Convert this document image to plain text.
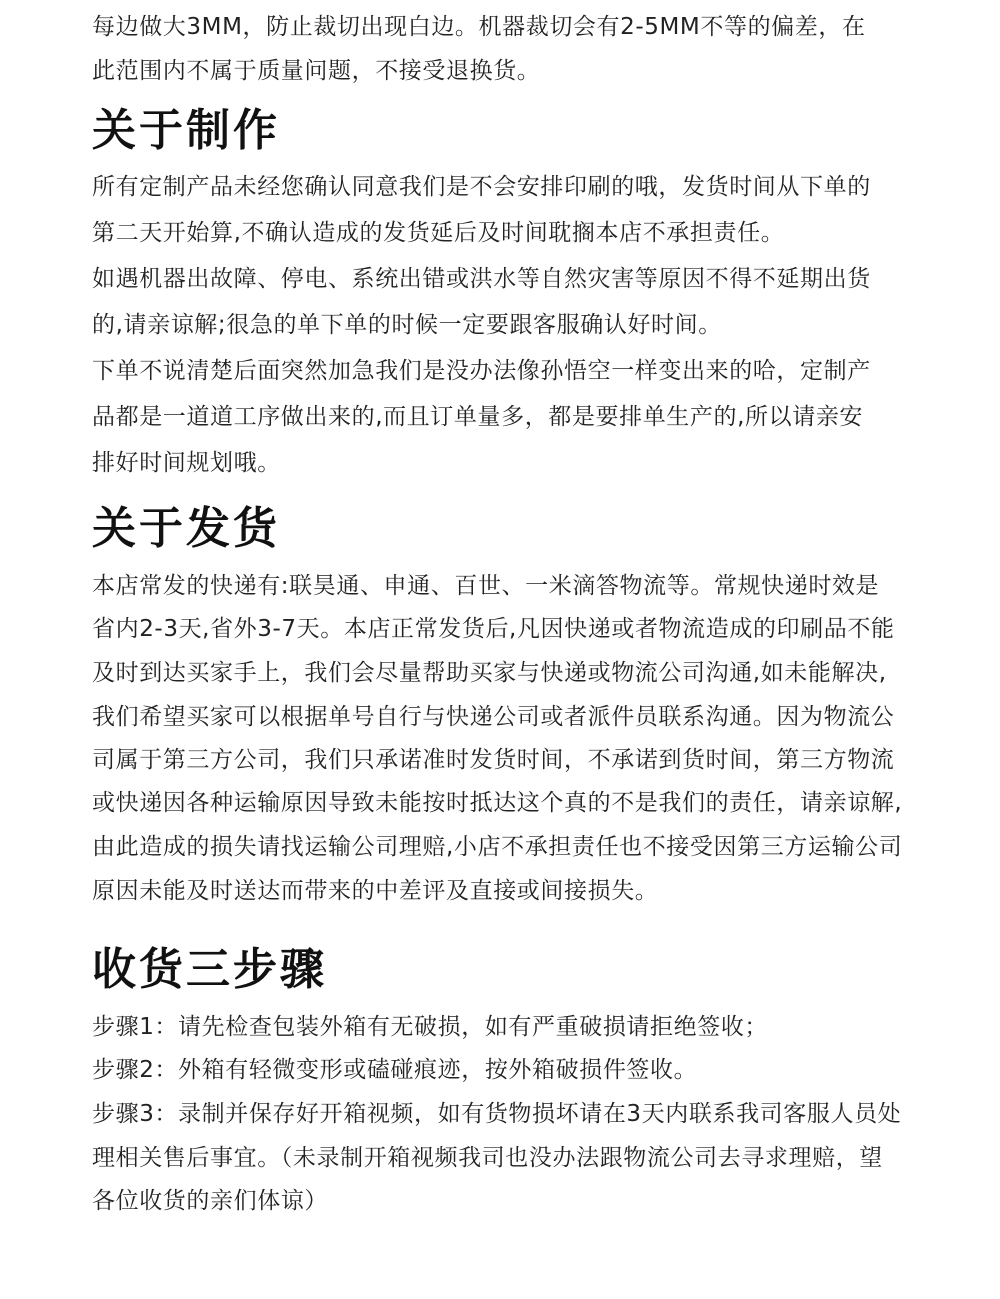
每边做大3MM，防止裁切出现白边。机器裁切会有2-5MM不等的偏差，在

此范围内不属于质量问题，不接受退换货。

关于制作

所有定制产品未经您确认同意我们是不会安排印刷的哦，发货时间从下单的

第二天开始算,不确认造成的发货延后及时间耽搁本店不承担责任。

如遇机器出故障、停电、系统出错或洪水等自然灾害等原因不得不延期出货

的,请亲谅解;很急的单下单的时候一定要跟客服确认好时间。

下单不说清楚后面突然加急我们是没办法像孙悟空一样变出来的哈，定制产

品都是一道道工序做出来的,而且订单量多，都是要排单生产的,所以请亲安

排好时间规划哦。

关于发货

本店常发的快递有:联昊通、申通、百世、一米滴答物流等。常规快递时效是

省内2-3天,省外3-7天。本店正常发货后,凡因快递或者物流造成的印刷品不能

及时到达买家手上，我们会尽量帮助买家与快递或物流公司沟通,如未能解决,

我们希望买家可以根据单号自行与快递公司或者派件员联系沟通。因为物流公

司属于第三方公司，我们只承诺准时发货时间，不承诺到货时间，第三方物流

或快递因各种运输原因导致未能按时抵达这个真的不是我们的责任，请亲谅解,

由此造成的损失请找运输公司理赔,小店不承担责任也不接受因第三方运输公司

原因未能及时送达而带来的中差评及直接或间接损失。

收货三步骤

步骤1：请先检查包装外箱有无破损，如有严重破损请拒绝签收；

步骤2：外箱有轻微变形或磕碰痕迹，按外箱破损件签收。

步骤3：录制并保存好开箱视频，如有货物损坏请在3天内联系我司客服人员处

理相关售后事宜。（未录制开箱视频我司也没办法跟物流公司去寻求理赔，望

各位收货的亲们体谅）
